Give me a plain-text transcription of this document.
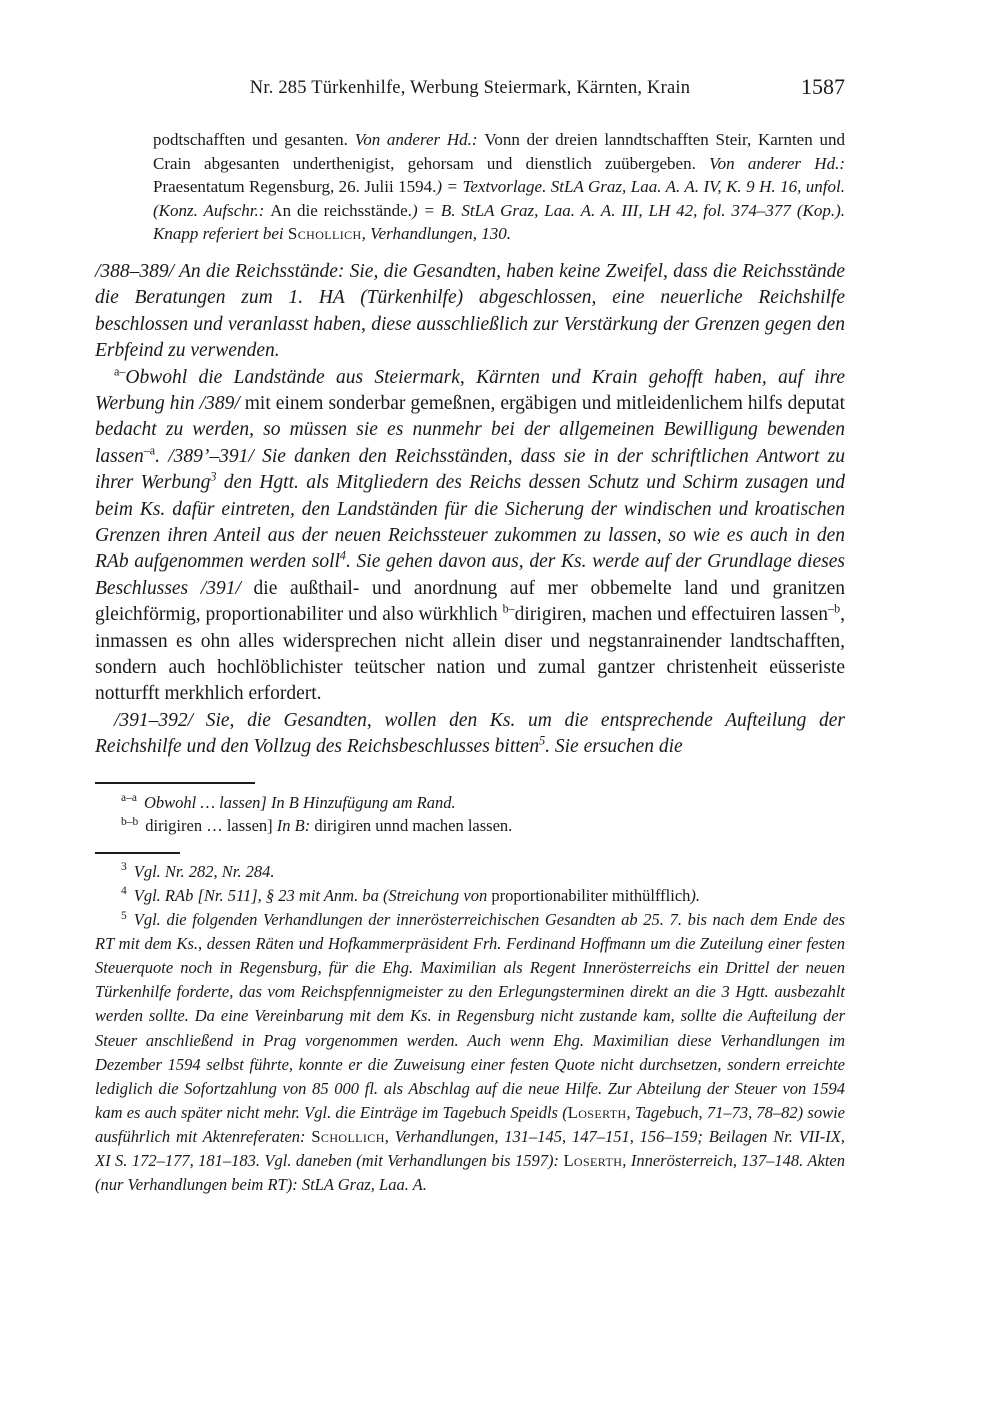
Nr. 285 Türkenhilfe, Werbung Steiermark, Kärnten, Krain	1587
podtschafften und gesanten. Von anderer Hd.: Vonn der dreien lanndtschafften Steir, Karnten und Crain abgesanten underthenigist, gehorsam und dienstlich zuübergeben. Von anderer Hd.: Praesentatum Regensburg, 26. Julii 1594.) = Textvorlage. StLA Graz, Laa. A. A. IV, K. 9 H. 16, unfol. (Konz. Aufschr.: An die reichsstände.) = B. StLA Graz, Laa. A. A. III, LH 42, fol. 374–377 (Kop.). Knapp referiert bei Schollich, Verhandlungen, 130.

/388–389/ An die Reichsstände: Sie, die Gesandten, haben keine Zweifel, dass die Reichsstände die Beratungen zum 1. HA (Türkenhilfe) abgeschlossen, eine neuerliche Reichshilfe beschlossen und veranlasst haben, diese ausschließlich zur Verstärkung der Grenzen gegen den Erbfeind zu verwenden.

$^{a-}$Obwohl die Landstände aus Steiermark, Kärnten und Krain gehofft haben, auf ihre Werbung hin /389/ mit einem sonderbar gemeßnen, ergäbigen und mitleidenlichem hilfs deputat bedacht zu werden, so müssen sie es nunmehr bei der allgemeinen Bewilligung bewenden lassen$^{-a}$. /389’–391/ Sie danken den Reichsständen, dass sie in der schriftlichen Antwort zu ihrer Werbung$^3$ den Hgtt. als Mitgliedern des Reichs dessen Schutz und Schirm zusagen und beim Ks. dafür eintreten, den Landständen für die Sicherung der windischen und kroatischen Grenzen ihren Anteil aus der neuen Reichssteuer zukommen zu lassen, so wie es auch in den RAb aufgenommen werden soll$^4$. Sie gehen davon aus, der Ks. werde auf der Grundlage dieses Beschlusses /391/ die außthail- und anordnung auf mer obbemelte land und granitzen gleichförmig, proportionabiliter und also würkhlich $^{b-}$dirigiren, machen und effectuiren lassen$^{-b}$, inmassen es ohn alles widersprechen nicht allein diser und negstanrainender landtschafften, sondern auch hochlöblichister teütscher nation und zumal gantzer christenheit eüsseriste notturfft merkhlich erfordert.

/391–392/ Sie, die Gesandten, wollen den Ks. um die entsprechende Aufteilung der Reichshilfe und den Vollzug des Reichsbeschlusses bitten$^5$. Sie ersuchen die

$^{a-a}$ Obwohl … lassen] In B Hinzufügung am Rand.
$^{b-b}$ dirigiren … lassen] In B: dirigiren unnd machen lassen.

$^3$ Vgl. Nr. 282, Nr. 284.

$^4$ Vgl. RAb [Nr. 511], § 23 mit Anm. ba (Streichung von proportionabiliter mithülfflich).

$^5$ Vgl. die folgenden Verhandlungen der innerösterreichischen Gesandten ab 25. 7. bis nach dem Ende des RT mit dem Ks., dessen Räten und Hofkammerpräsident Frh. Ferdinand Hoffmann um die Zuteilung einer festen Steuerquote noch in Regensburg, für die Ehg. Maximilian als Regent Innerösterreichs ein Drittel der neuen Türkenhilfe forderte, das vom Reichspfennigmeister zu den Erlegungsterminen direkt an die 3 Hgtt. ausbezahlt werden sollte. Da eine Vereinbarung mit dem Ks. in Regensburg nicht zustande kam, sollte die Aufteilung der Steuer anschließend in Prag vorgenommen werden. Auch wenn Ehg. Maximilian diese Verhandlungen im Dezember 1594 selbst führte, konnte er die Zuweisung einer festen Quote nicht durchsetzen, sondern erreichte lediglich die Sofortzahlung von 85 000 fl. als Abschlag auf die neue Hilfe. Zur Abteilung der Steuer von 1594 kam es auch später nicht mehr. Vgl. die Einträge im Tagebuch Speidls (Loserth, Tagebuch, 71–73, 78–82) sowie ausführlich mit Aktenreferaten: Schollich, Verhandlungen, 131–145, 147–151, 156–159; Beilagen Nr. VII-IX, XI S. 172–177, 181–183. Vgl. daneben (mit Verhandlungen bis 1597): Loserth, Innerösterreich, 137–148. Akten (nur Verhandlungen beim RT): StLA Graz, Laa. A.
